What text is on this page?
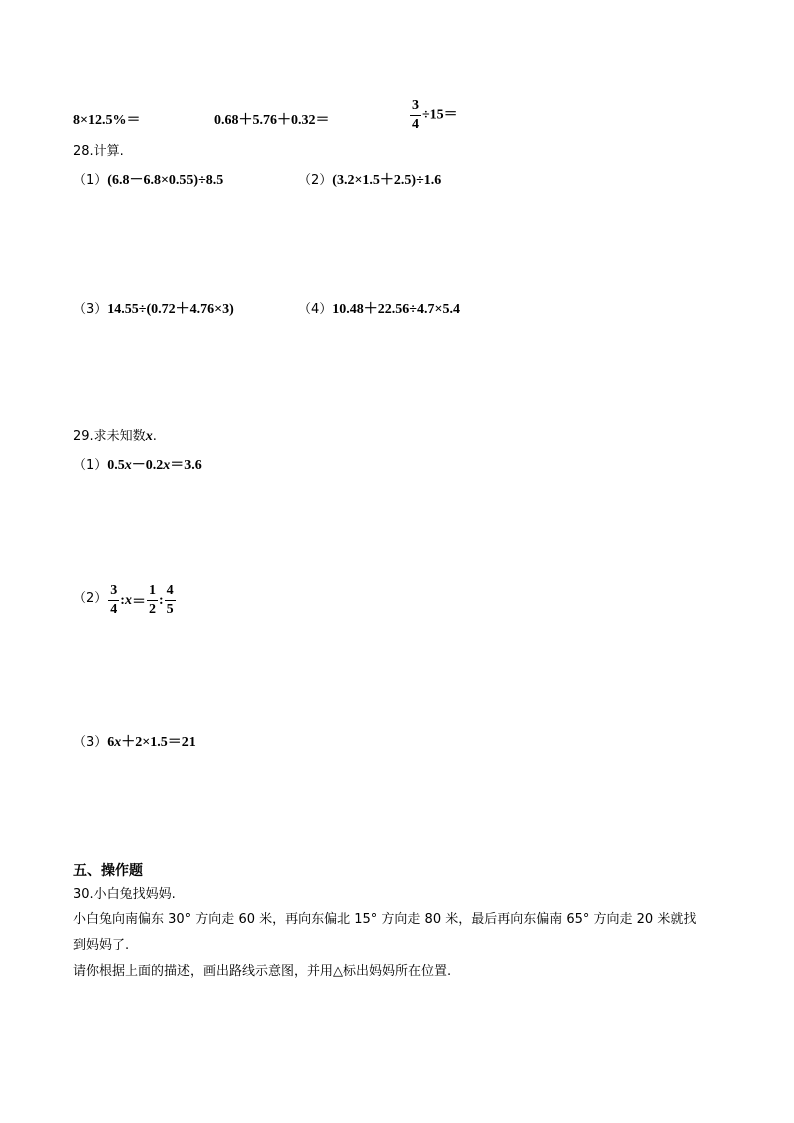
8×12.5%＝	0.68＋5.76＋0.32＝	$\frac{3}{4} \div 15=$
28.计算.
（1）(6.8－6.8×0.55)÷8.5	（2）(3.2×1.5＋2.5)÷1.6
（3）14.55÷(0.72＋4.76×3)	（4）10.48＋22.56÷4.7×5.4
29.求未知数x.
（1）0.5x－0.2x＝3.6
$(2) \frac{3}{4}$ :x＝ $\frac{1}{2}$ : $\frac{4}{5}$
（3）6x＋2×1.5＝21
五、操作题
30.小白兔找妈妈.
小白兔向南偏东 30° 方向走 60 米，再向东偏北 15° 方向走 80 米，最后再向东偏南 65° 方向走 20 米就找
到妈妈了.
请你根据上面的描述，画出路线示意图，并用△标出妈妈所在位置.
